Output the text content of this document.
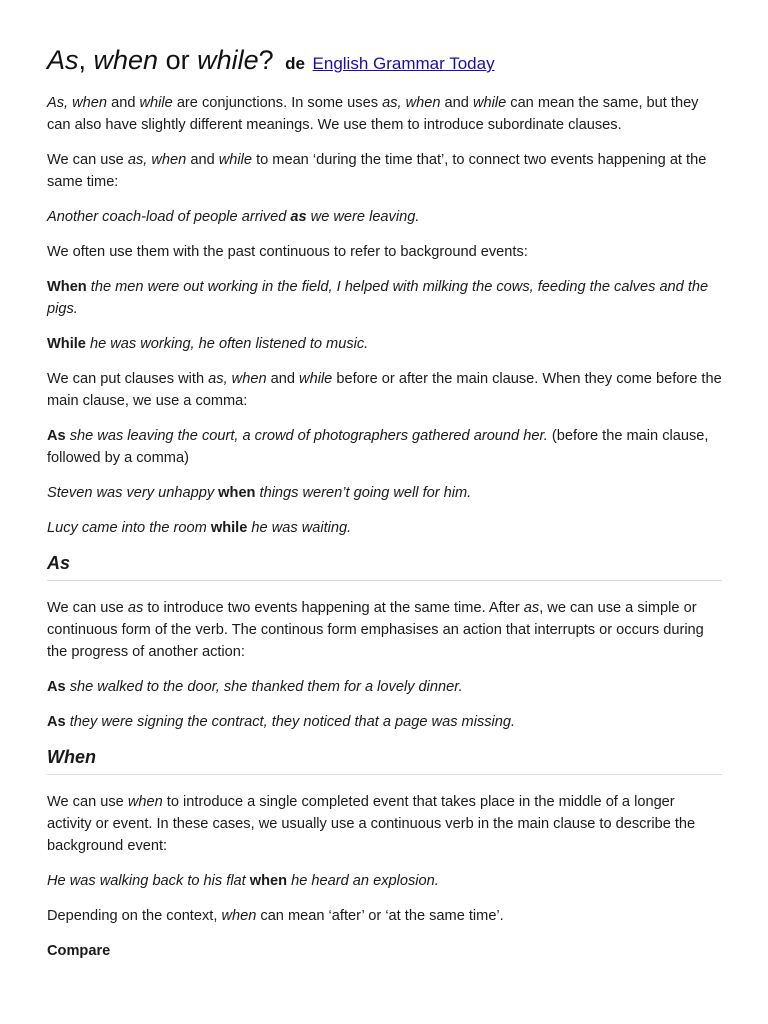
As, when or while? de English Grammar Today

As, when and while are conjunctions. In some uses as, when and while can mean the same, but they can also have slightly different meanings. We use them to introduce subordinate clauses.

We can use as, when and while to mean ‘during the time that’, to connect two events happening at the same time:

Another coach-load of people arrived as we were leaving.

We often use them with the past continuous to refer to background events:

When the men were out working in the field, I helped with milking the cows, feeding the calves and the pigs.

While he was working, he often listened to music.

We can put clauses with as, when and while before or after the main clause. When they come before the main clause, we use a comma:

As she was leaving the court, a crowd of photographers gathered around her. (before the main clause, followed by a comma)

Steven was very unhappy when things weren’t going well for him.

Lucy came into the room while he was waiting.

As

We can use as to introduce two events happening at the same time. After as, we can use a simple or continuous form of the verb. The continous form emphasises an action that interrupts or occurs during the progress of another action:

As she walked to the door, she thanked them for a lovely dinner.

As they were signing the contract, they noticed that a page was missing.

When

We can use when to introduce a single completed event that takes place in the middle of a longer activity or event. In these cases, we usually use a continuous verb in the main clause to describe the background event:

He was walking back to his flat when he heard an explosion.

Depending on the context, when can mean ‘after’ or ‘at the same time’.

Compare
